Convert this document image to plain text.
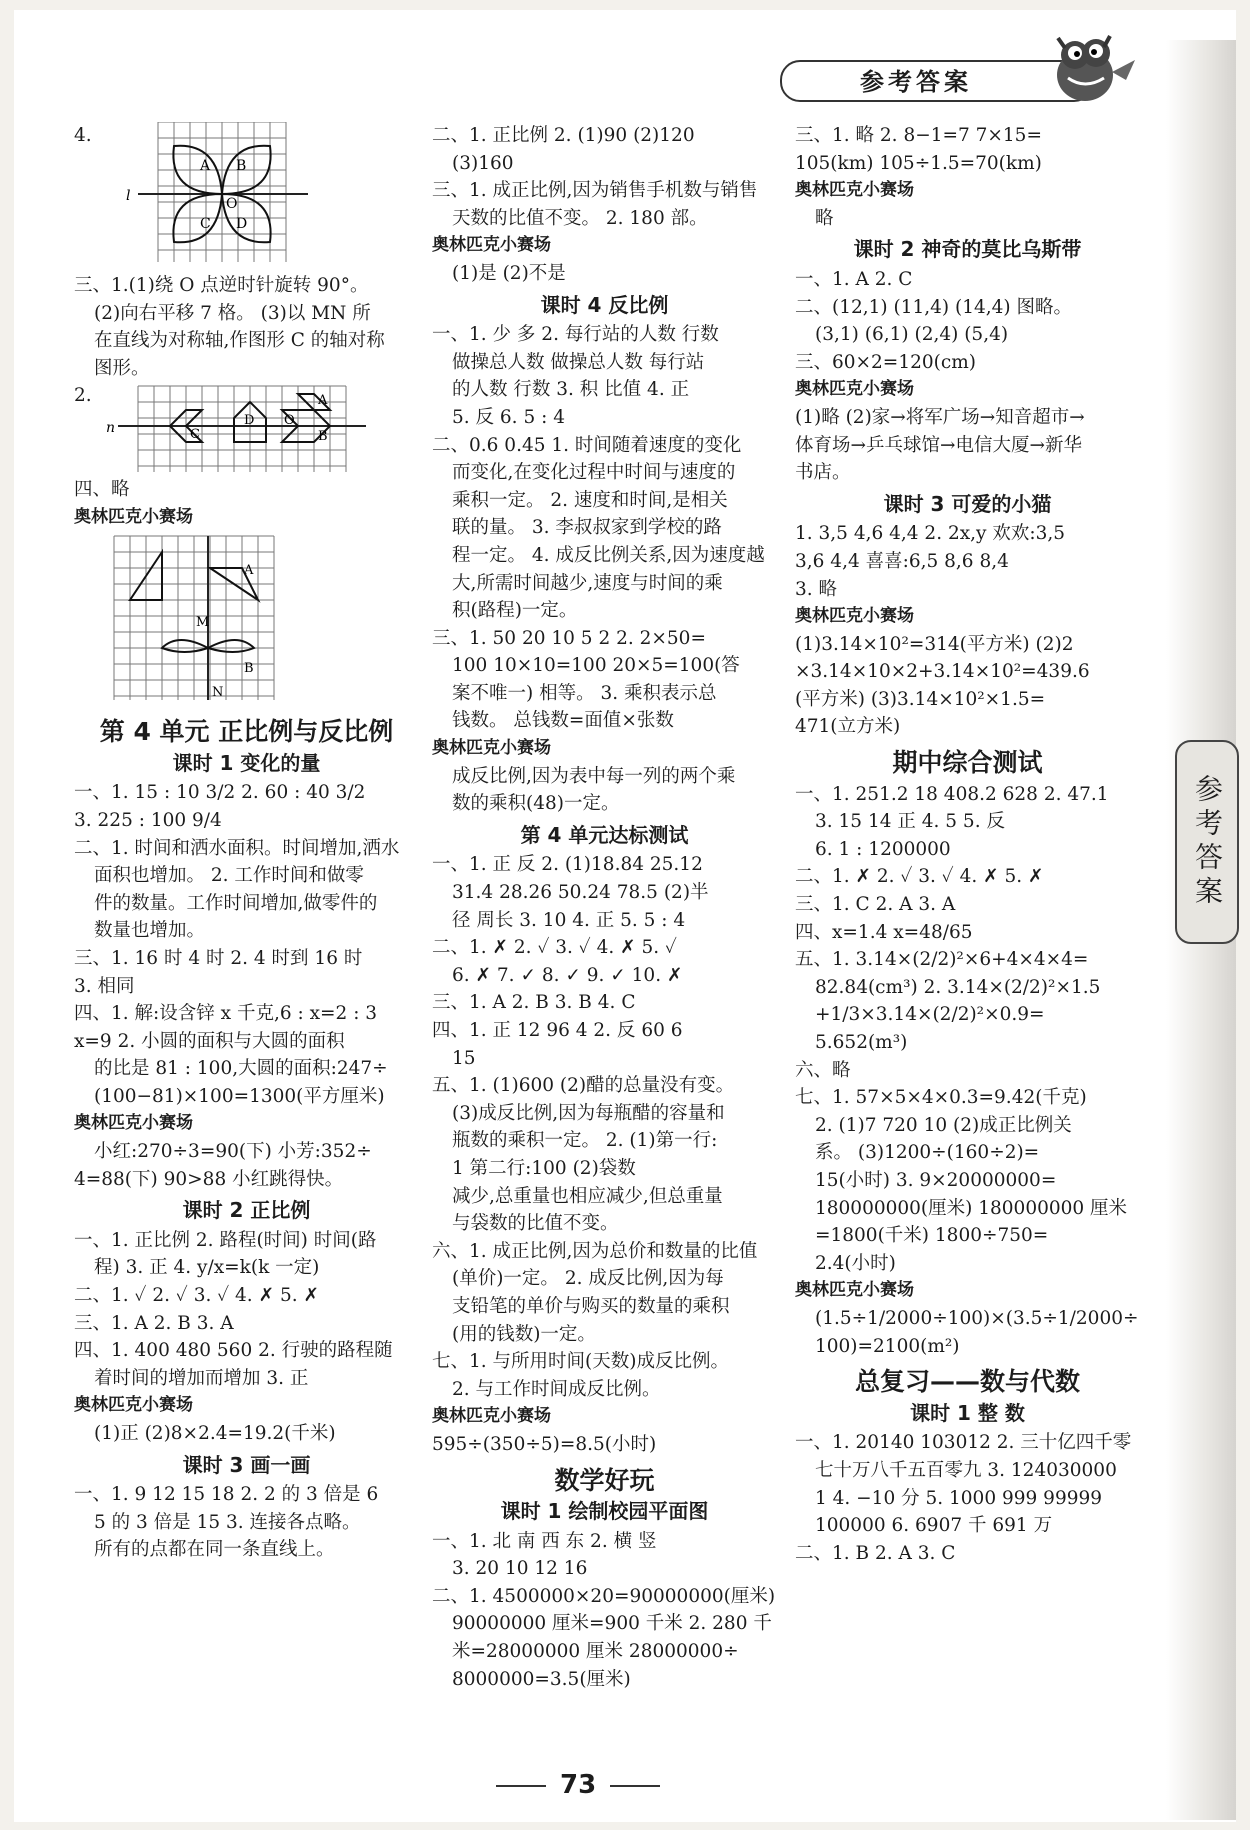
参考答案
参考答案

4.
A B
C D
O
l

三、1.(1)绕 O 点逆时针旋转 90°。

(2)向右平移 7 格。 (3)以 MN 所

在直线为对称轴,作图形 C 的轴对称

图形。

2.
n	C
D O
A
B

四、略

奥林匹克小赛场

A
M
B
N

第 4 单元 正比例与反比例

课时 1 变化的量

一、1. 15 : 10 3/2 2. 60 : 40 3/2

3. 225 : 100 9/4

二、1. 时间和洒水面积。时间增加,洒水

面积也增加。 2. 工作时间和做零

件的数量。工作时间增加,做零件的

数量也增加。

三、1. 16 时 4 时 2. 4 时到 16 时

3. 相同

四、1. 解:设含锌 x 千克,6 : x=2 : 3

x=9 2. 小圆的面积与大圆的面积

的比是 81 : 100,大圆的面积:247÷

(100−81)×100=1300(平方厘米)

奥林匹克小赛场

小红:270÷3=90(下) 小芳:352÷

4=88(下) 90>88 小红跳得快。

课时 2 正比例

一、1. 正比例 2. 路程(时间) 时间(路

程) 3. 正 4. y/x=k(k 一定)

二、1. ✓ 2. ✓ 3. ✓ 4. ✗ 5. ✗

三、1. A 2. B 3. A

四、1. 400 480 560 2. 行驶的路程随

着时间的增加而增加 3. 正

奥林匹克小赛场

(1)正 (2)8×2.4=19.2(千米)

课时 3 画一画

一、1. 9 12 15 18 2. 2 的 3 倍是 6

5 的 3 倍是 15 3. 连接各点略。

所有的点都在同一条直线上。

二、1. 正比例 2. (1)90 (2)120

(3)160

三、1. 成正比例,因为销售手机数与销售

天数的比值不变。 2. 180 部。

奥林匹克小赛场

(1)是 (2)不是

课时 4 反比例

一、1. 少 多 2. 每行站的人数 行数

做操总人数 做操总人数 每行站

的人数 行数 3. 积 比值 4. 正

5. 反 6. 5 : 4

二、0.6 0.45 1. 时间随着速度的变化

而变化,在变化过程中时间与速度的

乘积一定。 2. 速度和时间,是相关

联的量。 3. 李叔叔家到学校的路

程一定。 4. 成反比例关系,因为速度越

大,所需时间越少,速度与时间的乘

积(路程)一定。

三、1. 50 20 10 5 2 2. 2×50=

100 10×10=100 20×5=100(答

案不唯一) 相等。 3. 乘积表示总

钱数。 总钱数=面值×张数

奥林匹克小赛场

成反比例,因为表中每一列的两个乘

数的乘积(48)一定。

第 4 单元达标测试

一、1. 正 反 2. (1)18.84 25.12

31.4 28.26 50.24 78.5 (2)半

径 周长 3. 10 4. 正 5. 5 : 4

二、1. ✗ 2. ✓ 3. ✓ 4. ✗ 5. ✓

6. ✗ 7. ✓ 8. ✓ 9. ✓ 10. ✗

三、1. A 2. B 3. B 4. C

四、1. 正 12 96 4 2. 反 60 6

15

五、1. (1)600 (2)醋的总量没有变。

(3)成反比例,因为每瓶醋的容量和

瓶数的乘积一定。 2. (1)第一行:

1 第二行:100 (2)袋数

减少,总重量也相应减少,但总重量

与袋数的比值不变。

六、1. 成正比例,因为总价和数量的比值

(单价)一定。 2. 成反比例,因为每

支铅笔的单价与购买的数量的乘积

(用的钱数)一定。

七、1. 与所用时间(天数)成反比例。

2. 与工作时间成反比例。

奥林匹克小赛场

595÷(350÷5)=8.5(小时)

数学好玩

课时 1 绘制校园平面图

一、1. 北 南 西 东 2. 横 竖

3. 20 10 12 16

二、1. 4500000×20=90000000(厘米)

90000000 厘米=900 千米 2. 280 千

米=28000000 厘米 28000000÷

8000000=3.5(厘米)

三、1. 略 2. 8−1=7 7×15=

105(km) 105÷1.5=70(km)

奥林匹克小赛场

略

课时 2 神奇的莫比乌斯带

一、1. A 2. C

二、(12,1) (11,4) (14,4) 图略。

(3,1) (6,1) (2,4) (5,4)

三、60×2=120(cm)

奥林匹克小赛场

(1)略 (2)家→将军广场→知音超市→

体育场→乒乓球馆→电信大厦→新华

书店。

课时 3 可爱的小猫

1. 3,5 4,6 4,4 2. 2x,y 欢欢:3,5

3,6 4,4 喜喜:6,5 8,6 8,4

3. 略

奥林匹克小赛场

(1)3.14×10²=314(平方米) (2)2

×3.14×10×2+3.14×10²=439.6

(平方米) (3)3.14×10²×1.5=

471(立方米)

期中综合测试

一、1. 251.2 18 408.2 628 2. 47.1

3. 15 14 正 4. 5 5. 反

6. 1 : 1200000

二、1. ✗ 2. ✓ 3. ✓ 4. ✗ 5. ✗

三、1. C 2. A 3. A

四、x=1.4 x=48/65

五、1. 3.14×(2/2)²×6+4×4×4=

82.84(cm³) 2. 3.14×(2/2)²×1.5

+1/3×3.14×(2/2)²×0.9=

5.652(m³)

六、略

七、1. 57×5×4×0.3=9.42(千克)

2. (1)7 720 10 (2)成正比例关

系。 (3)1200÷(160÷2)=

15(小时) 3. 9×20000000=

180000000(厘米) 180000000 厘米

=1800(千米) 1800÷750=

2.4(小时)

奥林匹克小赛场

(1.5÷1/2000÷100)×(3.5÷1/2000÷

100)=2100(m²)

总复习——数与代数

课时 1 整 数

一、1. 20140 103012 2. 三十亿四千零

七十万八千五百零九 3. 124030000

1 4. −10 分 5. 1000 999 99999

100000 6. 6907 千 691 万

二、1. B 2. A 3. C

73
